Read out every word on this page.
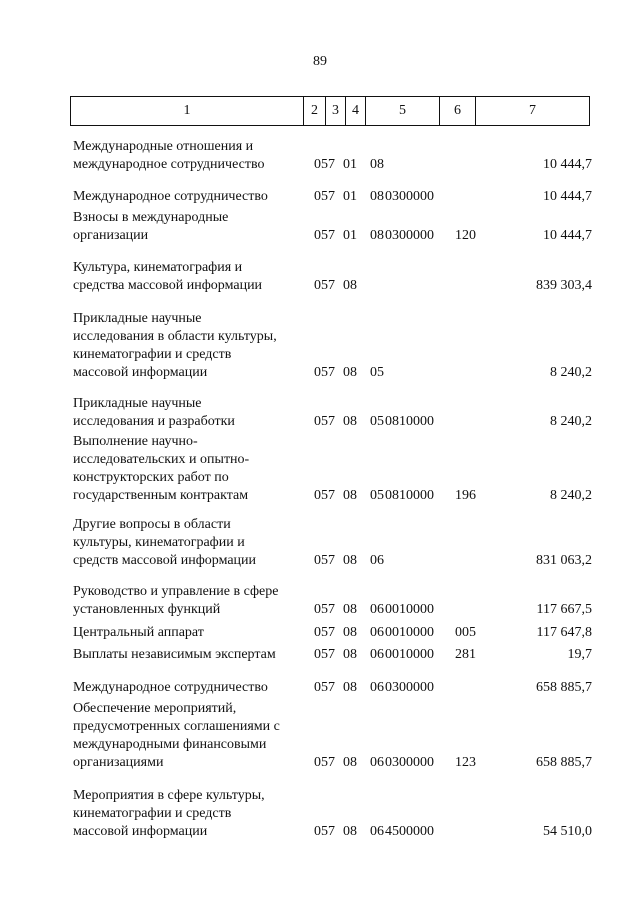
89
1	2	3 4	5	6	7
Международные отношения и
международное сотрудничество	057 01 08	10 444,7
Международное сотрудничество	057 01 08 0300000	10 444,7
Взносы в международные
организации	057 01 08 0300000 120	10 444,7
Культура, кинематография и
средства массовой информации	057 08	839 303,4
Прикладные научные
исследования в области культуры,
кинематографии и средств
массовой информации	057 08 05	8 240,2
Прикладные научные
исследования и разработки	057 08 05 0810000	8 240,2
Выполнение научно-
исследовательских и опытно-
конструкторских работ по
государственным контрактам	057 08 05 0810000 196	8 240,2
Другие вопросы в области
культуры, кинематографии и
средств массовой информации	057 08 06	831 063,2
Руководство и управление в сфере
установленных функций	057 08 06 0010000	117 667,5
Центральный аппарат	057 08 06 0010000 005	117 647,8
Выплаты независимым экспертам	057 08 06 0010000 281	19,7
Международное сотрудничество	057 08 06 0300000	658 885,7
Обеспечение мероприятий,
предусмотренных соглашениями с
международными финансовыми
организациями	057 08 06 0300000 123	658 885,7
Мероприятия в сфере культуры,
кинематографии и средств
массовой информации	057 08 06 4500000	54 510,0
